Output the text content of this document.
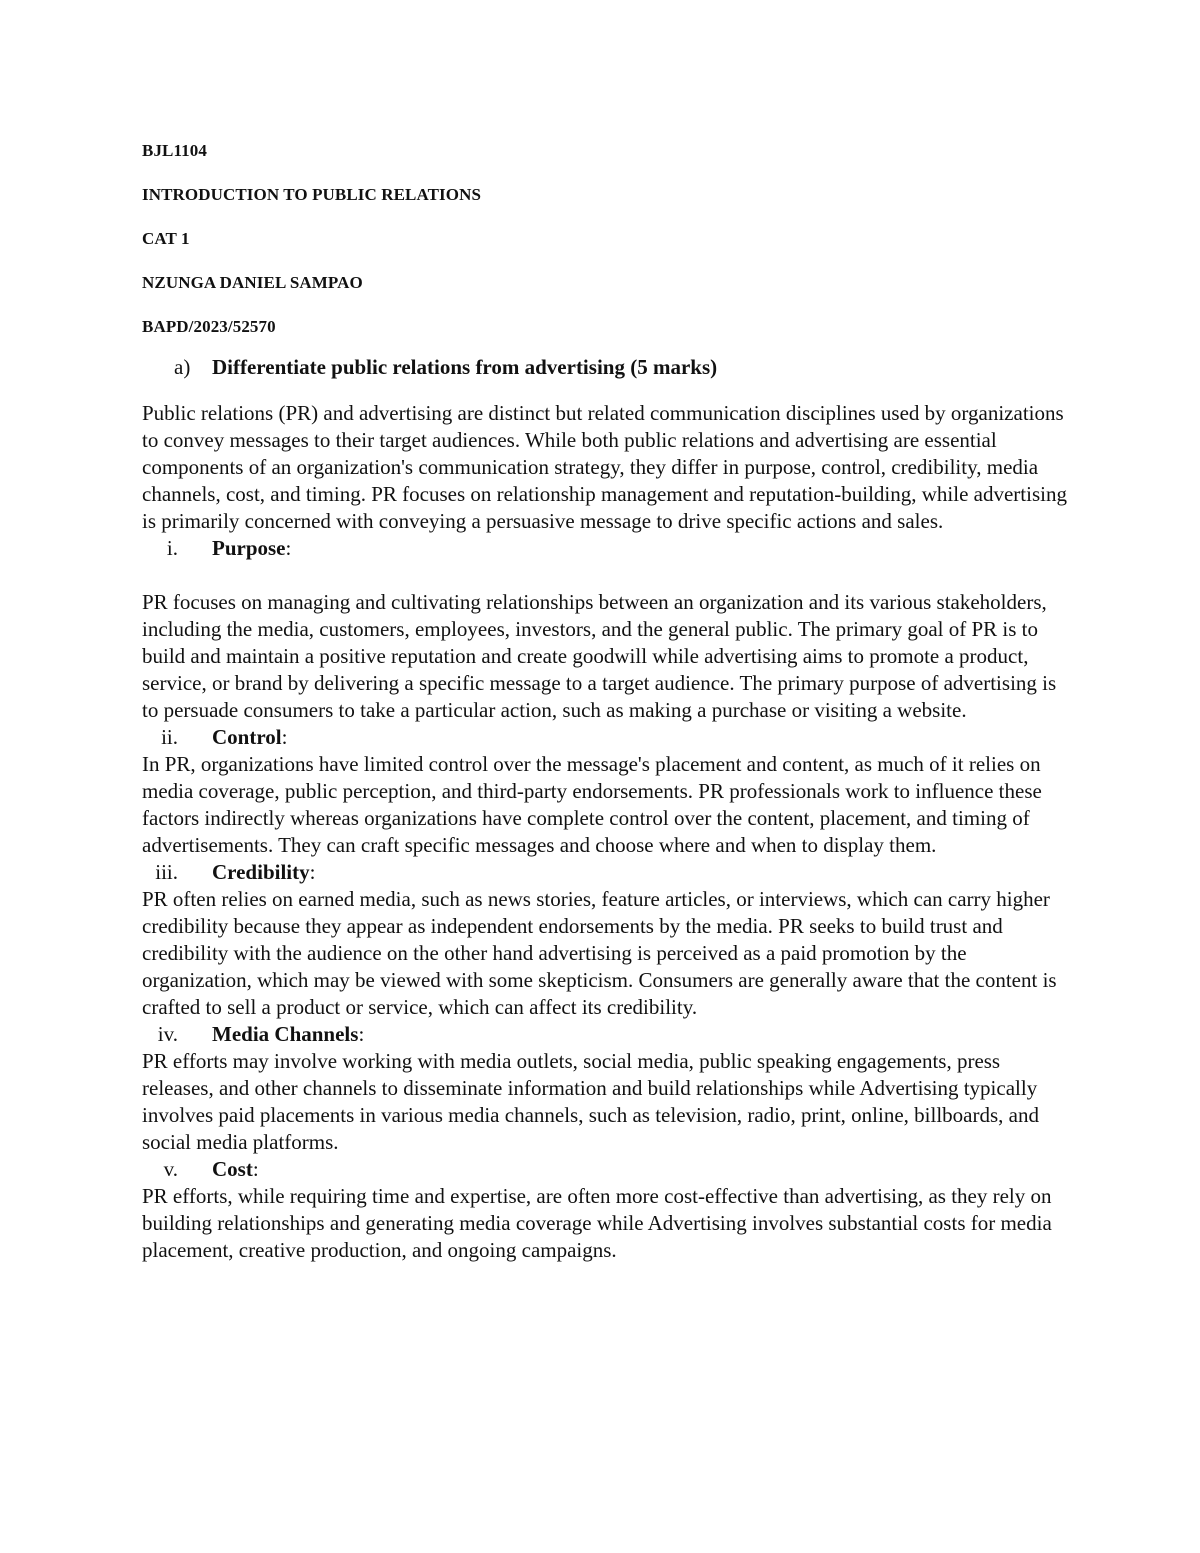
BJL1104

INTRODUCTION TO PUBLIC RELATIONS

CAT 1

NZUNGA DANIEL SAMPAO

BAPD/2023/52570

a)	Differentiate public relations from advertising (5 marks)

Public relations (PR) and advertising are distinct but related communication disciplines used by organizations to convey messages to their target audiences. While both public relations and advertising are essential components of an organization's communication strategy, they differ in purpose, control, credibility, media channels, cost, and timing. PR focuses on relationship management and reputation-building, while advertising is primarily concerned with conveying a persuasive message to drive specific actions and sales.

i.	Purpose:

PR focuses on managing and cultivating relationships between an organization and its various stakeholders, including the media, customers, employees, investors, and the general public. The primary goal of PR is to build and maintain a positive reputation and create goodwill while advertising aims to promote a product, service, or brand by delivering a specific message to a target audience. The primary purpose of advertising is to persuade consumers to take a particular action, such as making a purchase or visiting a website.

ii.	Control:

In PR, organizations have limited control over the message's placement and content, as much of it relies on media coverage, public perception, and third-party endorsements. PR professionals work to influence these factors indirectly whereas organizations have complete control over the content, placement, and timing of advertisements. They can craft specific messages and choose where and when to display them.

iii.	Credibility:

PR often relies on earned media, such as news stories, feature articles, or interviews, which can carry higher credibility because they appear as independent endorsements by the media. PR seeks to build trust and credibility with the audience on the other hand advertising is perceived as a paid promotion by the organization, which may be viewed with some skepticism. Consumers are generally aware that the content is crafted to sell a product or service, which can affect its credibility.

iv.	Media Channels:

PR efforts may involve working with media outlets, social media, public speaking engagements, press releases, and other channels to disseminate information and build relationships while Advertising typically involves paid placements in various media channels, such as television, radio, print, online, billboards, and social media platforms.

v.	Cost:

PR efforts, while requiring time and expertise, are often more cost-effective than advertising, as they rely on building relationships and generating media coverage while Advertising involves substantial costs for media placement, creative production, and ongoing campaigns.
